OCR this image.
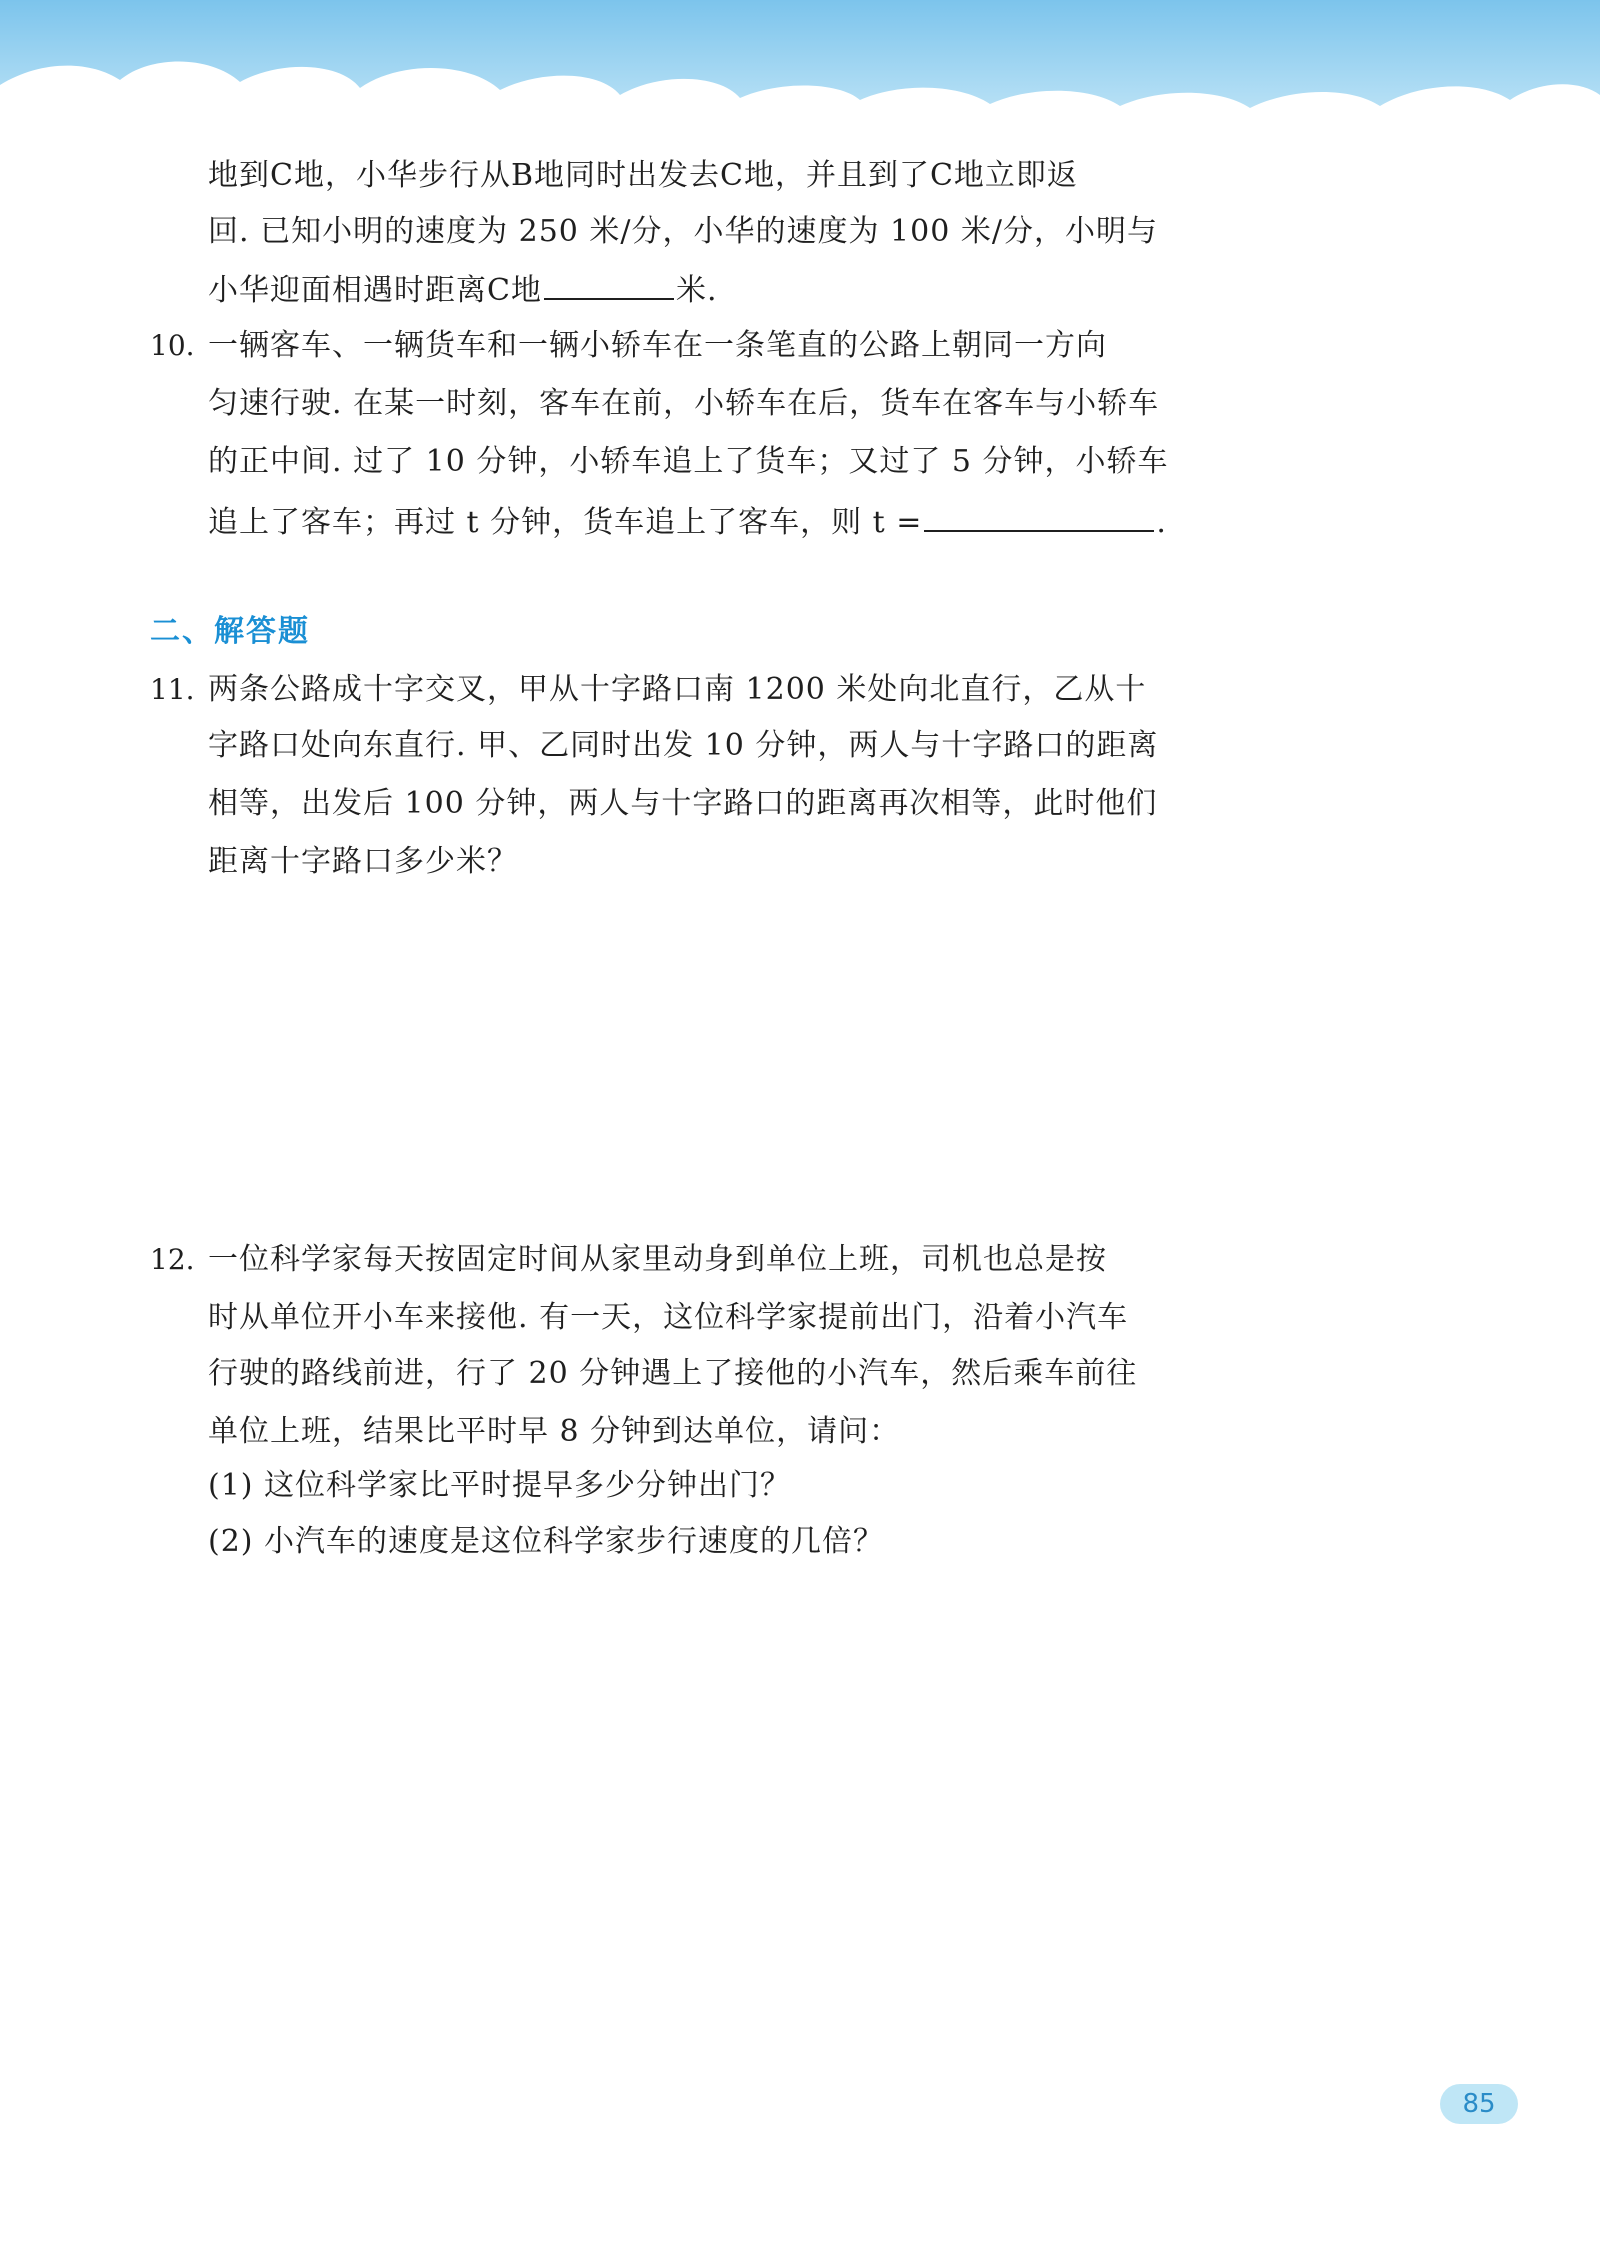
地到C地，小华步行从B地同时出发去C地，并且到了C地立即返
回. 已知小明的速度为 250 米/分，小华的速度为 100 米/分，小明与
小华迎面相遇时距离C地	米.
10. 一辆客车、一辆货车和一辆小轿车在一条笔直的公路上朝同一方向
匀速行驶. 在某一时刻，客车在前，小轿车在后，货车在客车与小轿车
的正中间. 过了 10 分钟，小轿车追上了货车；又过了 5 分钟，小轿车
追上了客车；再过 t 分钟，货车追上了客车，则 t =	.
二、解答题
11. 两条公路成十字交叉，甲从十字路口南 1200 米处向北直行，乙从十
字路口处向东直行. 甲、乙同时出发 10 分钟，两人与十字路口的距离
相等，出发后 100 分钟，两人与十字路口的距离再次相等，此时他们
距离十字路口多少米？
12. 一位科学家每天按固定时间从家里动身到单位上班，司机也总是按
时从单位开小车来接他. 有一天，这位科学家提前出门，沿着小汽车
行驶的路线前进，行了 20 分钟遇上了接他的小汽车，然后乘车前往
单位上班，结果比平时早 8 分钟到达单位，请问：
(1) 这位科学家比平时提早多少分钟出门？
(2) 小汽车的速度是这位科学家步行速度的几倍？
85
